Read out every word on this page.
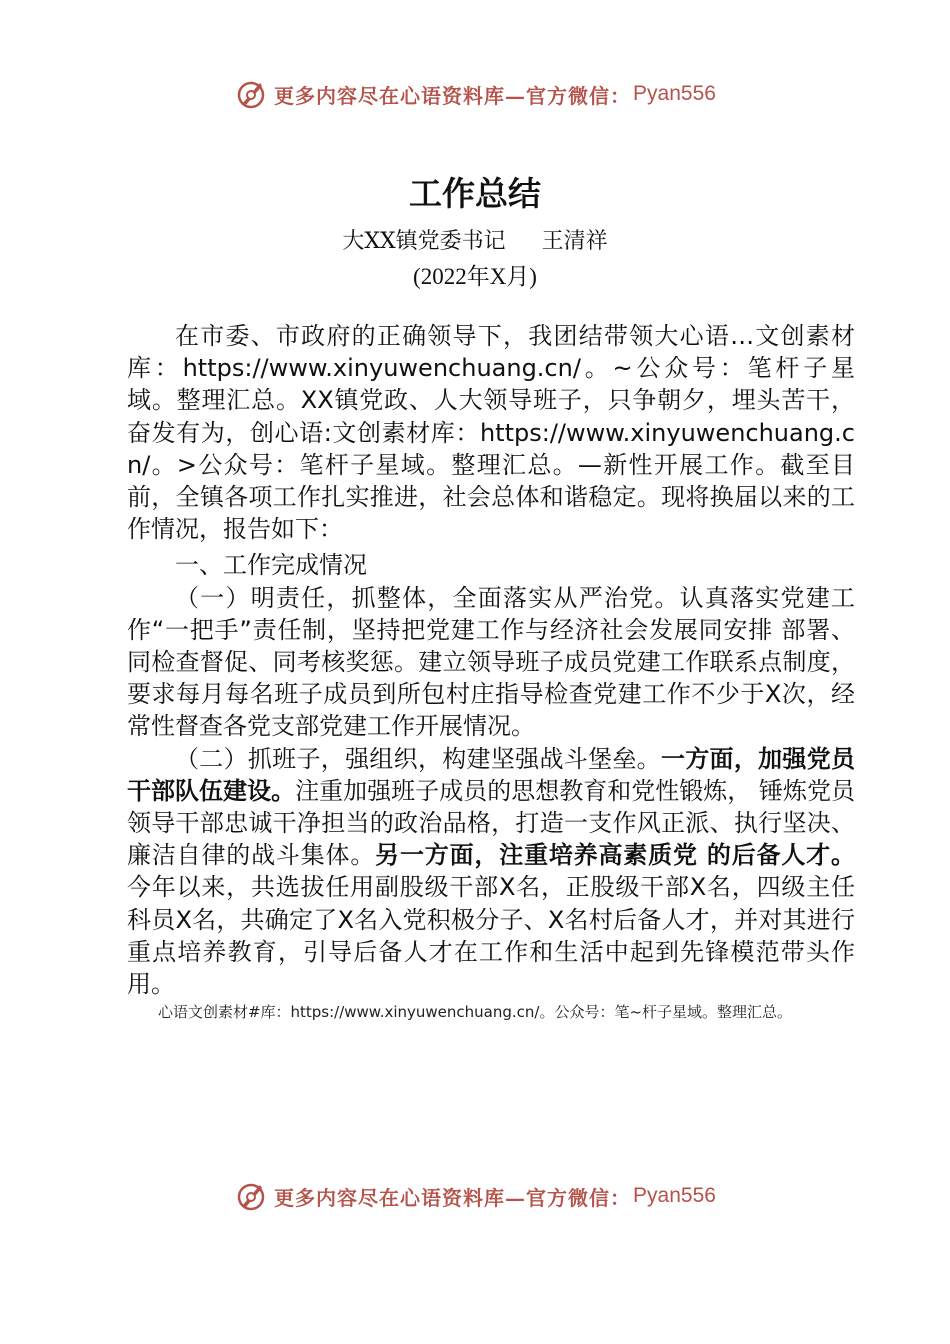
更多内容尽在心语资料库—官方微信： Pyan556
工作总结
大XX镇党委书记 王清祥
(2022年X月)

在市委、市政府的正确领导下，我团结带领大心语…文创素材库：https://www.xinyuwenchuang.cn/。~公众号：笔杆子星域。整理汇总。XX镇党政、人大领导班子，只争朝夕，埋头苦干，奋发有为，创心语:文创素材库：https://www.xinyuwenchuang.cn/。>公众号：笔杆子星域。整理汇总。—新性开展工作。截至目前，全镇各项工作扎实推进，社会总体和谐稳定。现将换届以来的工作情况，报告如下：

一、工作完成情况

（一）明责任，抓整体，全面落实从严治党。认真落实党建工作“一把手”责任制，坚持把党建工作与经济社会发展同安排 部署、同检查督促、同考核奖惩。建立领导班子成员党建工作联系点制度，要求每月每名班子成员到所包村庄指导检查党建工作不少于X次，经常性督查各党支部党建工作开展情况。

（二）抓班子，强组织，构建坚强战斗堡垒。一方面，加强党员干部队伍建设。注重加强班子成员的思想教育和党性锻炼， 锤炼党员领导干部忠诚干净担当的政治品格，打造一支作风正派、执行坚决、廉洁自律的战斗集体。另一方面，注重培养高素质党 的后备人才。今年以来，共选拔任用副股级干部X名，正股级干部X名，四级主任科员X名，共确定了X名入党积极分子、X名村后备人才，并对其进行重点培养教育，引导后备人才在工作和生活中起到先锋模范带头作用。

心语文创素材#库：https://www.xinyuwenchuang.cn/。公众号：笔~杆子星域。整理汇总。
更多内容尽在心语资料库—官方微信： Pyan556
